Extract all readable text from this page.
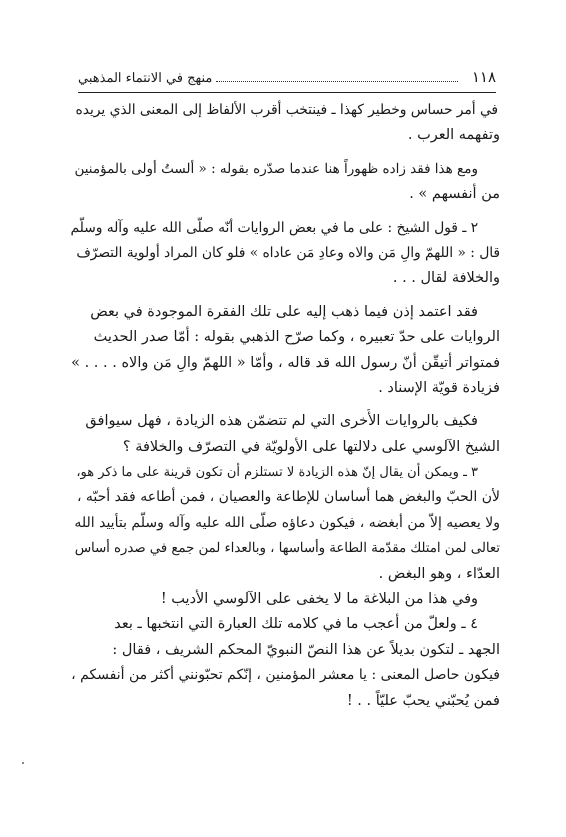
١١٨
منهج في الانتماء المذهبي
في أمر حساس وخطير كهذا ـ فينتخب أقرب الألفاظ إلى المعنى الذي يريده
وتفهمه العرب .
ومع هذا فقد زاده ظهوراً هنا عندما صدّره بقوله : « ألستُ أولى بالمؤمنين
من أنفسهم » .
٢ ـ قول الشيخ : على ما في بعض الروايات أنّه صلّى الله عليه وآله وسلّم
قال : « اللهمّ والِ مَن والاه وعادِ مَن عاداه » فلو كان المراد أولوية التصرّف
والخلافة لقال . . .
فقد اعتمد إذن فيما ذهب إليه على تلك الفقرة الموجودة في بعض
الروايات على حدّ تعبيره ، وكما صرّح الذهبي بقوله : أمّا صدر الحديث
فمتواتر أتيقّن أنّ رسول الله قد قاله ، وأمّا « اللهمّ والِ مَن والاه . . . . »
فزيادة قويّة الإسناد .
فكيف بالروايات الأُخرى التي لم تتضمّن هذه الزيادة ، فهل سيوافق
الشيخ الآلوسي على دلالتها على الأولويّة في التصرّف والخلافة ؟
٣ ـ ويمكن أن يقال إنّ هذه الزيادة لا تستلزم أن تكون قرينة على ما ذكر هو،
لأن الحبّ والبغض هما أساسان للإطاعة والعصيان ، فمن أطاعه فقد أحبّه ،
ولا يعصيه إلاّ من أبغضه ، فيكون دعاؤه صلّى الله عليه وآله وسلّم بتأييد الله
تعالى لمن امتلك مقدّمة الطاعة وأساسها ، وبالعداء لمن جمع في صدره أساس
العدّاء ، وهو البغض .
وفي هذا من البلاغة ما لا يخفى على الآلوسي الأديب !
٤ ـ ولعلّ من أعجب ما في كلامه تلك العبارة التي انتخبها ـ بعد
الجهد ـ لتكون بديلاً عن هذا النصّ النبويّ المحكم الشريف ، فقال :
فيكون حاصل المعنى : يا معشر المؤمنين ، إنّكم تحبّونني أكثر من أنفسكم ،
فمن يُحبّني يحبّ عليّاً . . !
